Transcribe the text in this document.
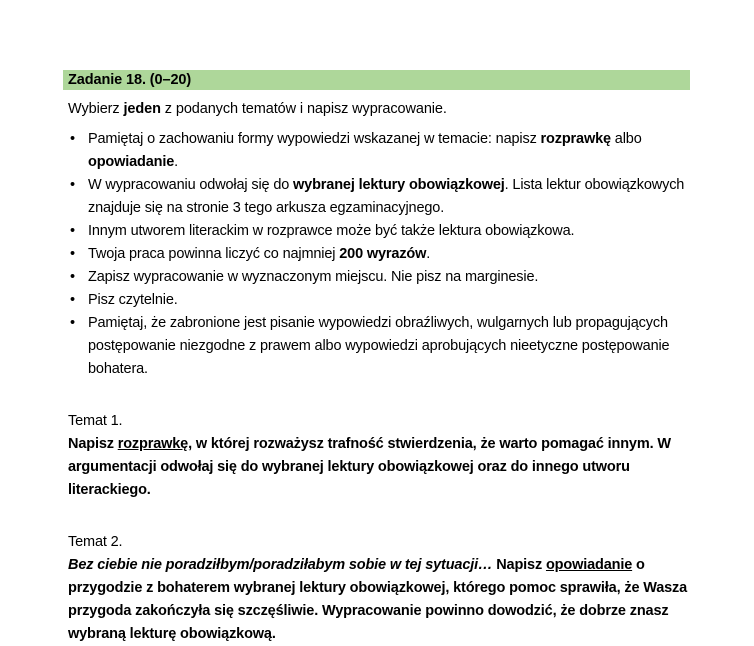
Zadanie 18. (0–20)
Wybierz jeden z podanych tematów i napisz wypracowanie.
• Pamiętaj o zachowaniu formy wypowiedzi wskazanej w temacie: napisz rozprawkę albo opowiadanie.
• W wypracowaniu odwołaj się do wybranej lektury obowiązkowej. Lista lektur obowiązkowych znajduje się na stronie 3 tego arkusza egzaminacyjnego.
• Innym utworem literackim w rozprawce może być także lektura obowiązkowa.
• Twoja praca powinna liczyć co najmniej 200 wyrazów.
• Zapisz wypracowanie w wyznaczonym miejscu. Nie pisz na marginesie.
• Pisz czytelnie.
• Pamiętaj, że zabronione jest pisanie wypowiedzi obraźliwych, wulgarnych lub propagujących postępowanie niezgodne z prawem albo wypowiedzi aprobujących nieetyczne postępowanie bohatera.
Temat 1.
Napisz rozprawkę, w której rozważysz trafność stwierdzenia, że warto pomagać innym. W argumentacji odwołaj się do wybranej lektury obowiązkowej oraz do innego utworu literackiego.
Temat 2.
Bez ciebie nie poradziłbym/poradziłabym sobie w tej sytuacji… Napisz opowiadanie o przygodzie z bohaterem wybranej lektury obowiązkowej, którego pomoc sprawiła, że Wasza przygoda zakończyła się szczęśliwie. Wypracowanie powinno dowodzić, że dobrze znasz wybraną lekturę obowiązkową.
